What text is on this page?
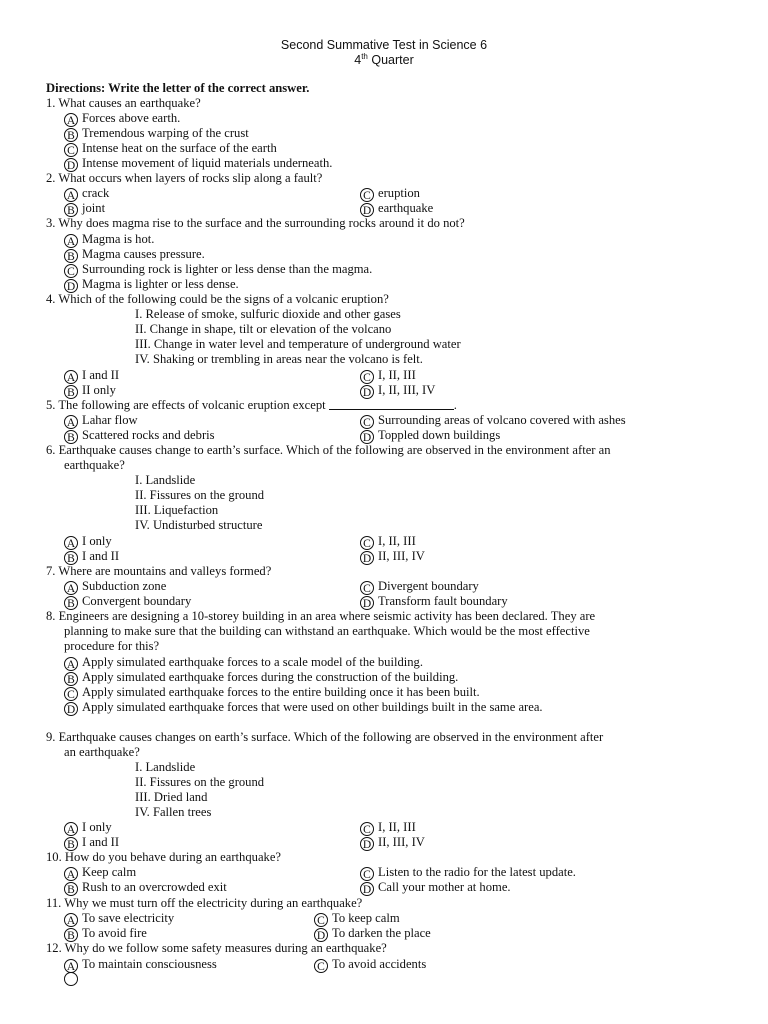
Second Summative Test in Science 6
4th Quarter
Directions: Write the letter of the correct answer.
1. What causes an earthquake?
A Forces above earth.
B Tremendous warping of the crust
C Intense heat on the surface of the earth
D Intense movement of liquid materials underneath.
2. What occurs when layers of rocks slip along a fault?
A crack	C eruption
B joint	D earthquake
3. Why does magma rise to the surface and the surrounding rocks around it do not?
A Magma is hot.
B Magma causes pressure.
C Surrounding rock is lighter or less dense than the magma.
D Magma is lighter or less dense.
4. Which of the following could be the signs of a volcanic eruption?
I. Release of smoke, sulfuric dioxide and other gases
II. Change in shape, tilt or elevation of the volcano
III. Change in water level and temperature of underground water
IV. Shaking or trembling in areas near the volcano is felt.
A I and II	C I, II, III
B II only	D I, II, III, IV
5. The following are effects of volcanic eruption except	.
A Lahar flow	C Surrounding areas of volcano covered with ashes
B Scattered rocks and debris	D Toppled down buildings
6. Earthquake causes change to earth’s surface. Which of the following are observed in the environment after an
earthquake?
I. Landslide
II. Fissures on the ground
III. Liquefaction
IV. Undisturbed structure
A I only	C I, II, III
B I and II	D II, III, IV
7. Where are mountains and valleys formed?
A Subduction zone	C Divergent boundary
B Convergent boundary	D Transform fault boundary
8. Engineers are designing a 10-storey building in an area where seismic activity has been declared. They are
planning to make sure that the building can withstand an earthquake. Which would be the most effective
procedure for this?
A Apply simulated earthquake forces to a scale model of the building.
B Apply simulated earthquake forces during the construction of the building.
C Apply simulated earthquake forces to the entire building once it has been built.
D Apply simulated earthquake forces that were used on other buildings built in the same area.
9. Earthquake causes changes on earth’s surface. Which of the following are observed in the environment after
an earthquake?
I. Landslide
II. Fissures on the ground
III. Dried land
IV. Fallen trees
A I only	C I, II, III
B I and II	D II, III, IV
10. How do you behave during an earthquake?
A Keep calm	C Listen to the radio for the latest update.
B Rush to an overcrowded exit	D Call your mother at home.
11. Why we must turn off the electricity during an earthquake?
A To save electricity	C To keep calm
B To avoid fire	D To darken the place
12. Why do we follow some safety measures during an earthquake?
A To maintain consciousness	C To avoid accidents
